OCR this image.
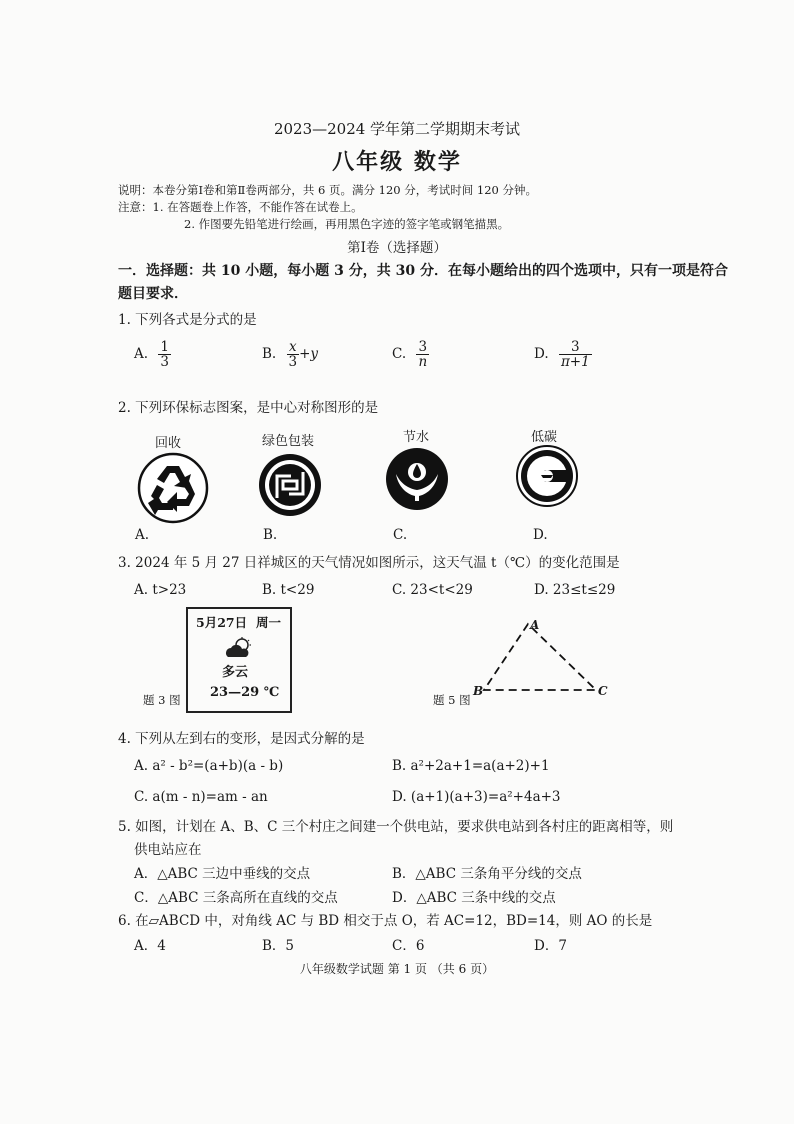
2023—2024 学年第二学期期末考试
八年级 数学
说明：本卷分第Ⅰ卷和第Ⅱ卷两部分，共 6 页。满分 120 分，考试时间 120 分钟。
注意：1. 在答题卷上作答，不能作答在试卷上。
2. 作图要先铅笔进行绘画，再用黑色字迹的签字笔或钢笔描黑。
第Ⅰ卷（选择题）
一．选择题：共 10 小题，每小题 3 分，共 30 分．在每小题给出的四个选项中，只有一项是符合
题目要求．
1. 下列各式是分式的是
A. $\frac{1}{3}$	B. $\frac{x}{3} +y$	C. $\frac{3}{n}$	D. $\frac{3}{\pi+1}$
2. 下列环保标志图案，是中心对称图形的是
回收	绿色包装	节水	低碳
A.	B.	C.	D.
3. 2024 年 5 月 27 日祥城区的天气情况如图所示，这天气温 t（℃）的变化范围是
A. t>23	B. t<29	C. 23<t<29	D. 23≤t≤29
5月27日 周一
多云
23—29 ℃
题 3 图
A
B	C
题 5 图
4. 下列从左到右的变形，是因式分解的是
A. a² - b²=(a+b)(a - b)	B. a²+2a+1=a(a+2)+1
C. a(m - n)=am - an	D. (a+1)(a+3)=a²+4a+3
5. 如图，计划在 A、B、C 三个村庄之间建一个供电站，要求供电站到各村庄的距离相等，则
供电站应在
A．△ABC 三边中垂线的交点	B．△ABC 三条角平分线的交点
C．△ABC 三条高所在直线的交点	D．△ABC 三条中线的交点
6. 在▱ABCD 中，对角线 AC 与 BD 相交于点 O，若 AC=12，BD=14，则 AO 的长是
A．4	B．5	C．6	D．7
八年级数学试题 第 1 页 （共 6 页）
